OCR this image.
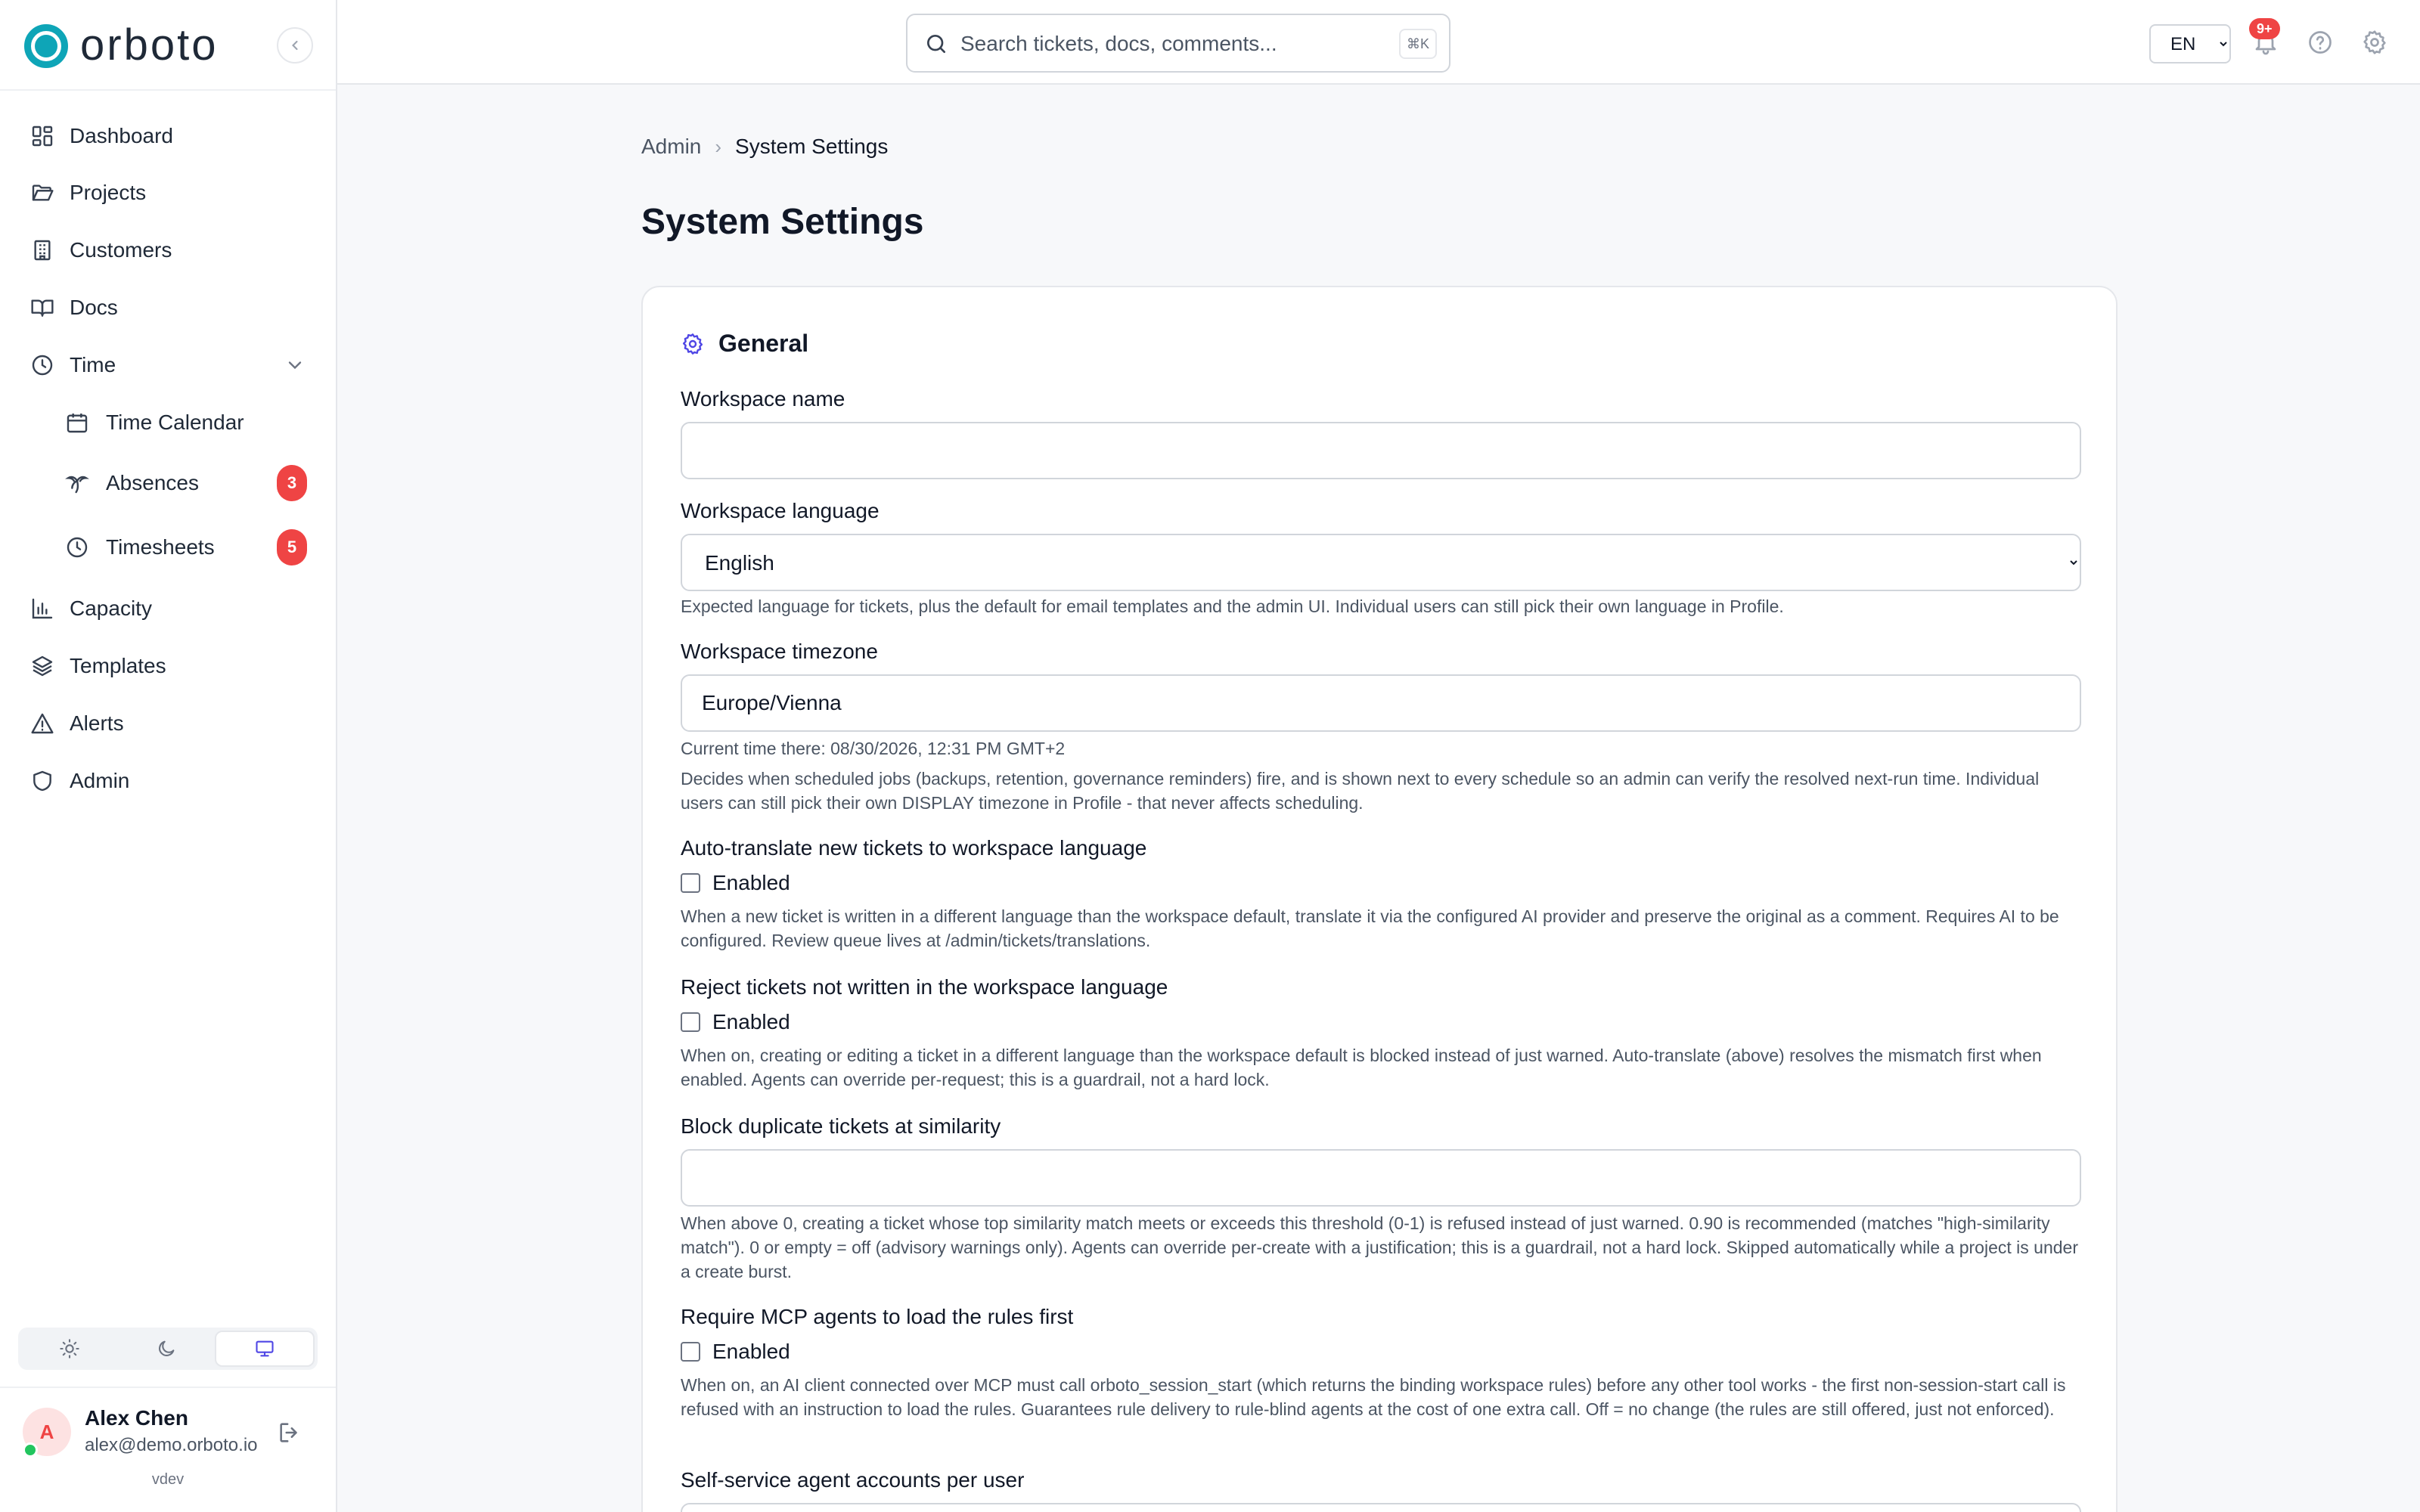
orboto
Dashboard
Projects
Customers
Docs
Time
Time Calendar
Absences	3
Timesheets	5
Capacity
Templates
Alerts
Admin
A
Alex Chen
alex@demo.orboto.io
vdev
Search tickets, docs, comments...
⌘K
EN
9+
Admin › System Settings
System Settings
General
Workspace name
Workspace language
English
Expected language for tickets, plus the default for email templates and the admin UI. Individual users can still pick their own language in Profile.
Workspace timezone
Europe/Vienna
Current time there: 08/30/2026, 12:31 PM GMT+2
Decides when scheduled jobs (backups, retention, governance reminders) fire, and is shown next to every schedule so an admin can verify the resolved next-run time. Individual users can still pick their own DISPLAY timezone in Profile - that never affects scheduling.
Auto-translate new tickets to workspace language
Enabled
When a new ticket is written in a different language than the workspace default, translate it via the configured AI provider and preserve the original as a comment. Requires AI to be configured. Review queue lives at /admin/tickets/translations.
Reject tickets not written in the workspace language
Enabled
When on, creating or editing a ticket in a different language than the workspace default is blocked instead of just warned. Auto-translate (above) resolves the mismatch first when enabled. Agents can override per-request; this is a guardrail, not a hard lock.
Block duplicate tickets at similarity
When above 0, creating a ticket whose top similarity match meets or exceeds this threshold (0-1) is refused instead of just warned. 0.90 is recommended (matches "high-similarity match"). 0 or empty = off (advisory warnings only). Agents can override per-create with a justification; this is a guardrail, not a hard lock. Skipped automatically while a project is under a create burst.
Require MCP agents to load the rules first
Enabled
When on, an AI client connected over MCP must call orboto_session_start (which returns the binding workspace rules) before any other tool works - the first non-session-start call is refused with an instruction to load the rules. Guarantees rule delivery to rule-blind agents at the cost of one extra call. Off = no change (the rules are still offered, just not enforced).
Self-service agent accounts per user
